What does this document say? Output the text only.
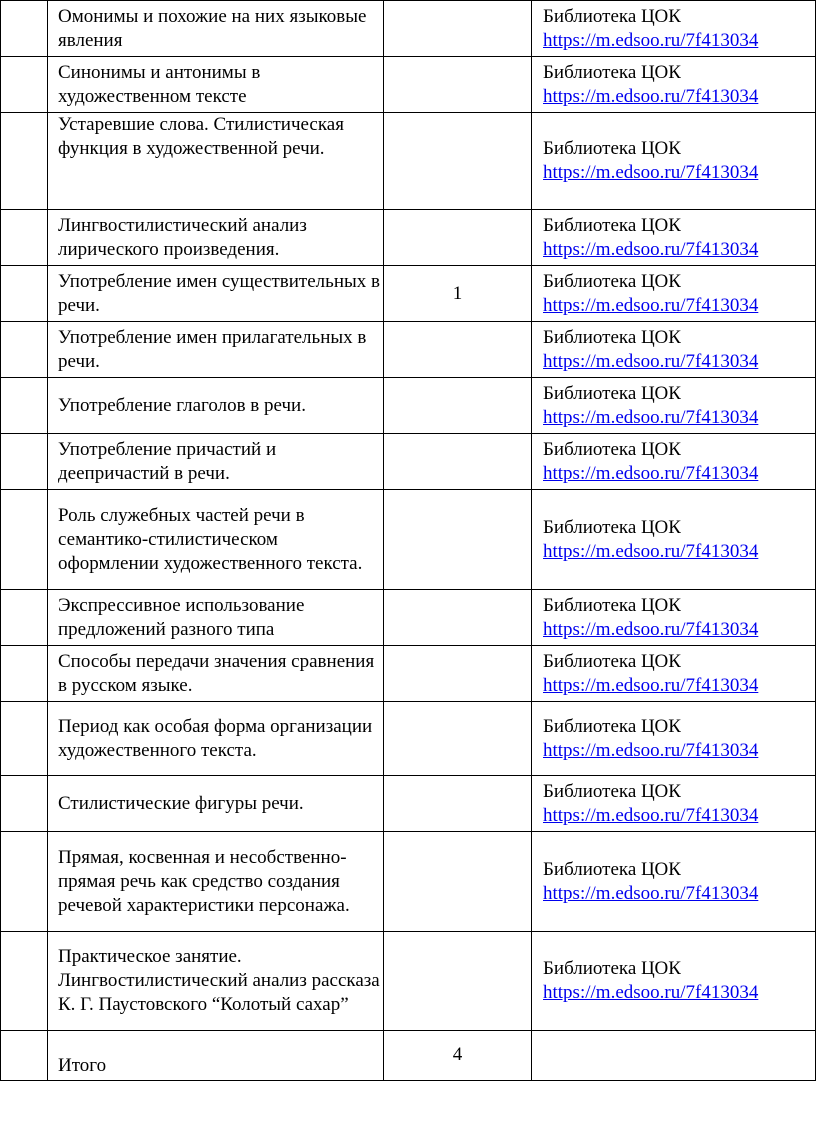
	Омонимы и похожие на них языковые явления		Библиотека ЦОК
https://m.edsoo.ru/7f413034

	Синонимы и антонимы в художественном тексте		Библиотека ЦОК
https://m.edsoo.ru/7f413034

	Устаревшие слова. Стилистическая функция в художественной речи.		Библиотека ЦОК
https://m.edsoo.ru/7f413034

	Лингвостилистический анализ лирического произведения.		Библиотека ЦОК
https://m.edsoo.ru/7f413034

	Употребление имен существительных в речи.	1	Библиотека ЦОК
https://m.edsoo.ru/7f413034

	Употребление имен прилагательных в речи.		Библиотека ЦОК
https://m.edsoo.ru/7f413034

	Употребление глаголов в речи.		Библиотека ЦОК
https://m.edsoo.ru/7f413034

	Употребление причастий и деепричастий в речи.		Библиотека ЦОК
https://m.edsoo.ru/7f413034

	Роль служебных частей речи в семантико-стилистическом оформлении художественного текста.		Библиотека ЦОК
https://m.edsoo.ru/7f413034

	Экспрессивное использование предложений разного типа		Библиотека ЦОК
https://m.edsoo.ru/7f413034

	Способы передачи значения сравнения в русском языке.		Библиотека ЦОК
https://m.edsoo.ru/7f413034

	Период как особая форма организации художественного текста.		Библиотека ЦОК
https://m.edsoo.ru/7f413034

	Стилистические фигуры речи.		Библиотека ЦОК
https://m.edsoo.ru/7f413034

	Прямая, косвенная и несобственно-прямая речь как средство создания речевой характеристики персонажа.		Библиотека ЦОК
https://m.edsoo.ru/7f413034

	Практическое занятие. Лингвостилистический анализ рассказа К. Г. Паустовского “Колотый сахар”		Библиотека ЦОК
https://m.edsoo.ru/7f413034

	Итого	4	
